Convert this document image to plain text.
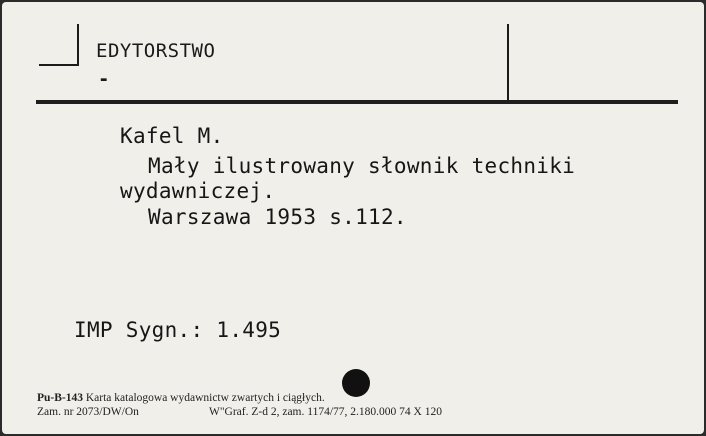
EDYTORSTWO
-
Kafel M.
Mały ilustrowany słownik techniki
wydawniczej.
Warszawa 1953 s.112.
IMP Sygn.: 1.495
Pu-B-143 Karta katalogowa wydawnictw zwartych i ciągłych.
Zam. nr 2073/DW/On	W"Graf. Z-d 2, zam. 1174/77, 2.180.000 74 X 120
